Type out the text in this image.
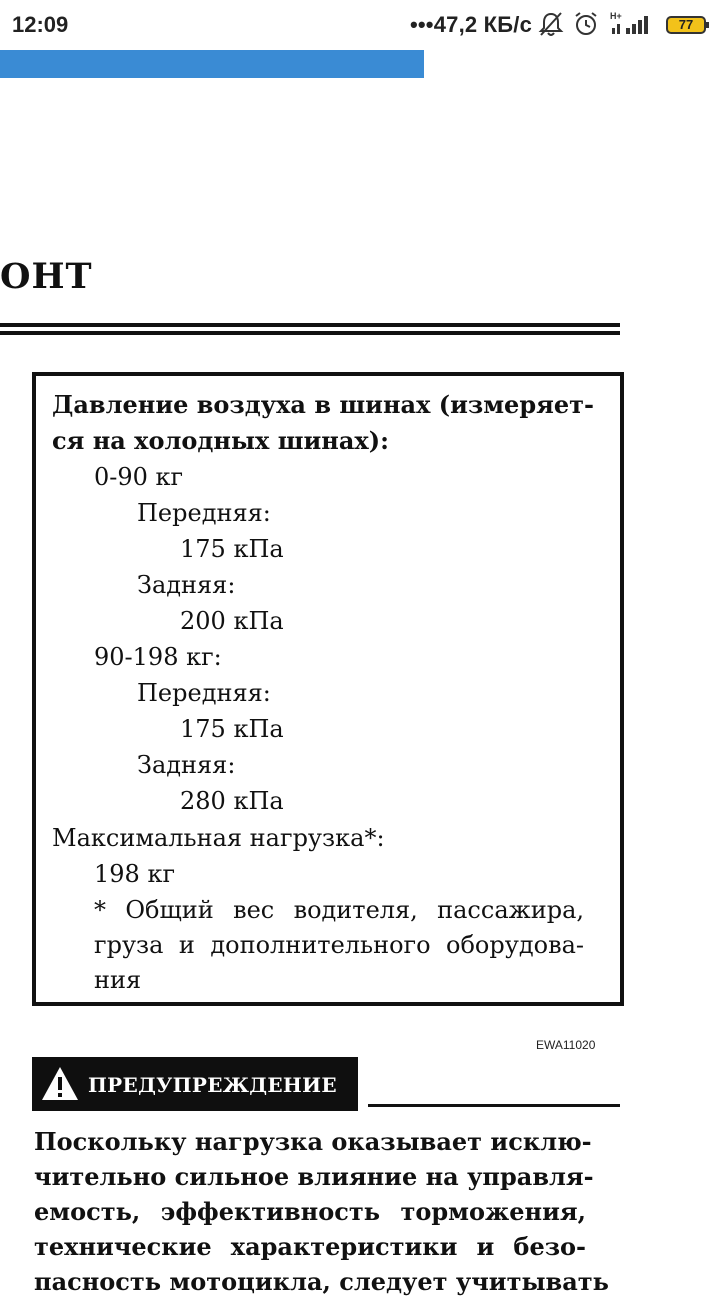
12:09	•••47,2 КБ/с	H+
77
ОНТ
Давление воздуха в шинах (измеряет-
ся на холодных шинах):
0-90 кг
Передняя:
175 кПа
Задняя:
200 кПа
90-198 кг:
Передняя:
175 кПа
Задняя:
280 кПа
Максимальная нагрузка*:
198 кг
* Общий вес водителя, пассажира,
груза и дополнительного оборудова-
ния
EWA11020
ПРЕДУПРЕЖДЕНИЕ
Поскольку нагрузка оказывает исклю-
чительно сильное влияние на управля-
емость, эффективность торможения,
технические характеристики и безо-
пасность мотоцикла, следует учитывать
